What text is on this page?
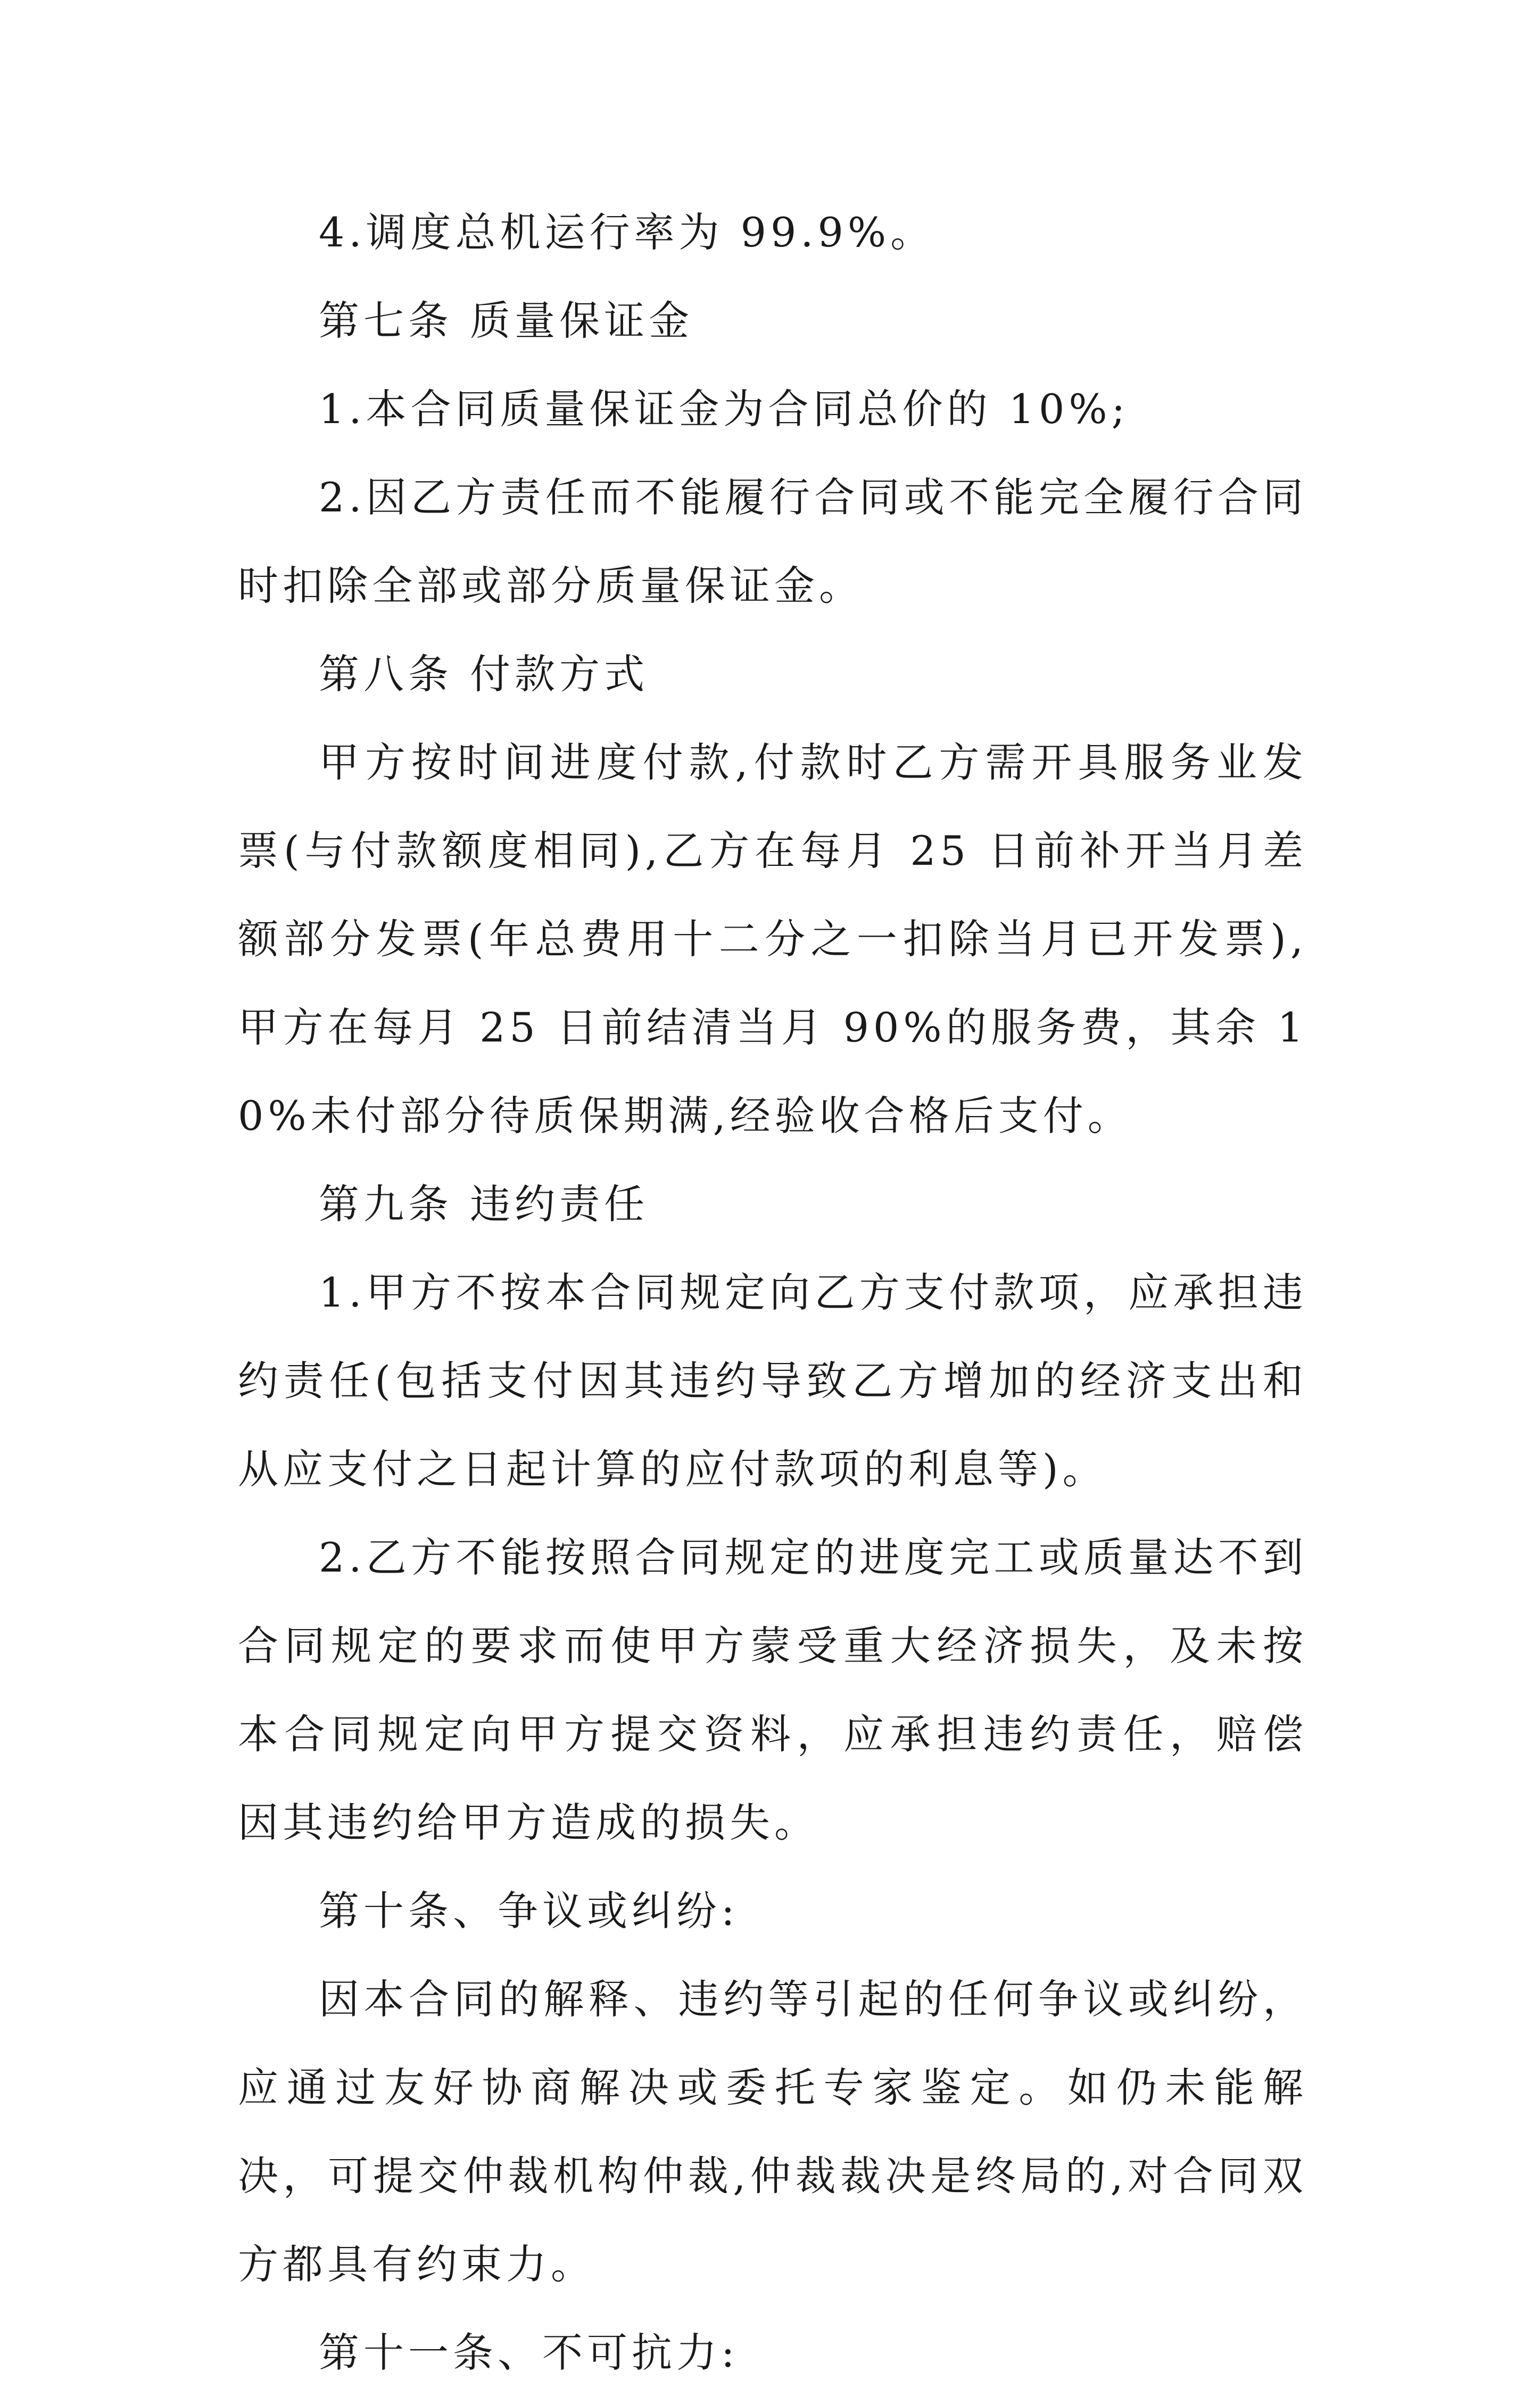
4.调度总机运行率为 99.9%。

第七条 质量保证金

1.本合同质量保证金为合同总价的 10%;

2.因乙方责任而不能履行合同或不能完全履行合同时扣除全部或部分质量保证金。

第八条 付款方式

甲方按时间进度付款,付款时乙方需开具服务业发票(与付款额度相同),乙方在每月 25 日前补开当月差额部分发票(年总费用十二分之一扣除当月已开发票),甲方在每月 25 日前结清当月 90%的服务费，其余 10%未付部分待质保期满,经验收合格后支付。

第九条 违约责任

1.甲方不按本合同规定向乙方支付款项，应承担违约责任(包括支付因其违约导致乙方增加的经济支出和从应支付之日起计算的应付款项的利息等)。

2.乙方不能按照合同规定的进度完工或质量达不到合同规定的要求而使甲方蒙受重大经济损失，及未按本合同规定向甲方提交资料，应承担违约责任，赔偿因其违约给甲方造成的损失。

第十条、争议或纠纷:

因本合同的解释、违约等引起的任何争议或纠纷，应通过友好协商解决或委托专家鉴定。如仍未能解决，可提交仲裁机构仲裁,仲裁裁决是终局的,对合同双方都具有约束力。

第十一条、不可抗力:
